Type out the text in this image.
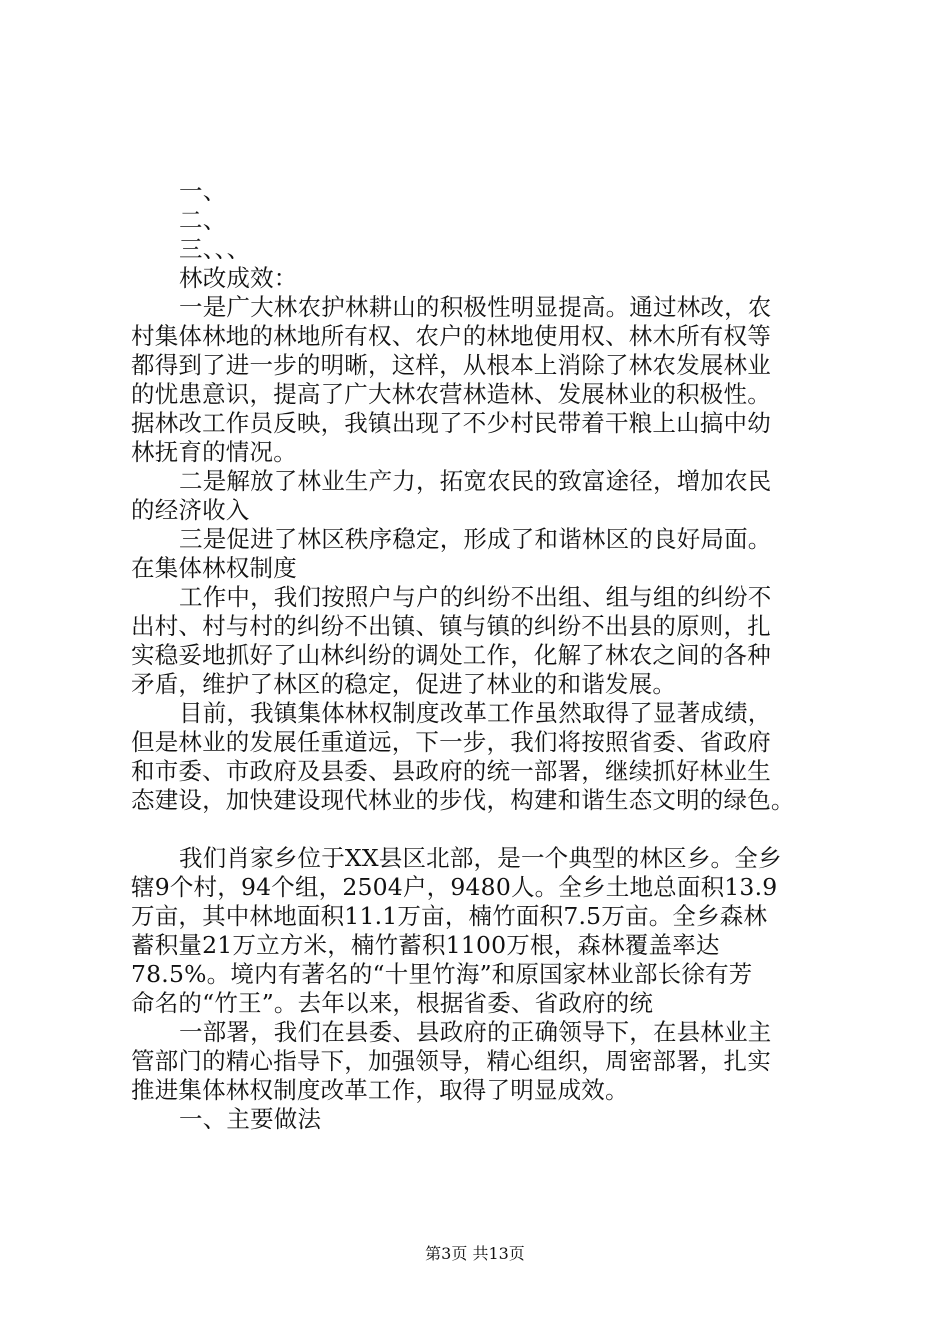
一、
二、
三、、、
林改成效：
一是广大林农护林耕山的积极性明显提高。通过林改，农
村集体林地的林地所有权、农户的林地使用权、林木所有权等
都得到了进一步的明晰，这样，从根本上消除了林农发展林业
的忧患意识，提高了广大林农营林造林、发展林业的积极性。
据林改工作员反映，我镇出现了不少村民带着干粮上山搞中幼
林抚育的情况。
二是解放了林业生产力，拓宽农民的致富途径，增加农民
的经济收入
三是促进了林区秩序稳定，形成了和谐林区的良好局面。
在集体林权制度
工作中，我们按照户与户的纠纷不出组、组与组的纠纷不
出村、村与村的纠纷不出镇、镇与镇的纠纷不出县的原则，扎
实稳妥地抓好了山林纠纷的调处工作，化解了林农之间的各种
矛盾，维护了林区的稳定，促进了林业的和谐发展。
目前，我镇集体林权制度改革工作虽然取得了显著成绩，
但是林业的发展任重道远，下一步，我们将按照省委、省政府
和市委、市政府及县委、县政府的统一部署，继续抓好林业生
态建设，加快建设现代林业的步伐，构建和谐生态文明的绿色。
我们肖家乡位于XX县区北部，是一个典型的林区乡。全乡
辖9个村，94个组，2504户，9480人。全乡土地总面积13.9
万亩，其中林地面积11.1万亩，楠竹面积7.5万亩。全乡森林
蓄积量21万立方米，楠竹蓄积1100万根，森林覆盖率达
78.5%。境内有著名的“十里竹海”和原国家林业部长徐有芳
命名的“竹王”。去年以来，根据省委、省政府的统
一部署，我们在县委、县政府的正确领导下，在县林业主
管部门的精心指导下，加强领导，精心组织，周密部署，扎实
推进集体林权制度改革工作，取得了明显成效。
一、主要做法
第3页 共13页
